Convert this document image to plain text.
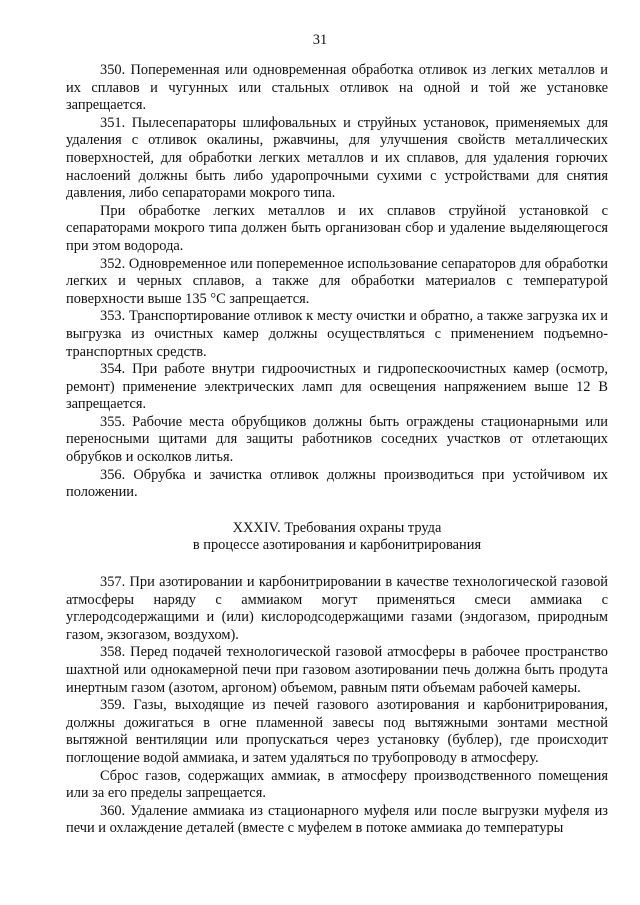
31

350. Попеременная или одновременная обработка отливок из легких металлов и их сплавов и чугунных или стальных отливок на одной и той же установке запрещается.

351. Пылесепараторы шлифовальных и струйных установок, применяемых для удаления с отливок окалины, ржавчины, для улучшения свойств металлических поверхностей, для обработки легких металлов и их сплавов, для удаления горючих наслоений должны быть либо ударопрочными сухими с устройствами для снятия давления, либо сепараторами мокрого типа.

При обработке легких металлов и их сплавов струйной установкой с сепараторами мокрого типа должен быть организован сбор и удаление выделяющегося при этом водорода.

352. Одновременное или попеременное использование сепараторов для обработки легких и черных сплавов, а также для обработки материалов с температурой поверхности выше 135 °С запрещается.

353. Транспортирование отливок к месту очистки и обратно, а также загрузка их и выгрузка из очистных камер должны осуществляться с применением подъемно-транспортных средств.

354. При работе внутри гидроочистных и гидропескоочистных камер (осмотр, ремонт) применение электрических ламп для освещения напряжением выше 12 В запрещается.

355. Рабочие места обрубщиков должны быть ограждены стационарными или переносными щитами для защиты работников соседних участков от отлетающих обрубков и осколков литья.

356. Обрубка и зачистка отливок должны производиться при устойчивом их положении.

XXXIV. Требования охраны труда
в процессе азотирования и карбонитрирования

357. При азотировании и карбонитрировании в качестве технологической газовой атмосферы наряду с аммиаком могут применяться смеси аммиака с углеродсодержащими и (или) кислородсодержащими газами (эндогазом, природным газом, экзогазом, воздухом).

358. Перед подачей технологической газовой атмосферы в рабочее пространство шахтной или однокамерной печи при газовом азотировании печь должна быть продута инертным газом (азотом, аргоном) объемом, равным пяти объемам рабочей камеры.

359. Газы, выходящие из печей газового азотирования и карбонитрирования, должны дожигаться в огне пламенной завесы под вытяжными зонтами местной вытяжной вентиляции или пропускаться через установку (бублер), где происходит поглощение водой аммиака, и затем удаляться по трубопроводу в атмосферу.

Сброс газов, содержащих аммиак, в атмосферу производственного помещения или за его пределы запрещается.

360. Удаление аммиака из стационарного муфеля или после выгрузки муфеля из печи и охлаждение деталей (вместе с муфелем в потоке аммиака до температуры
